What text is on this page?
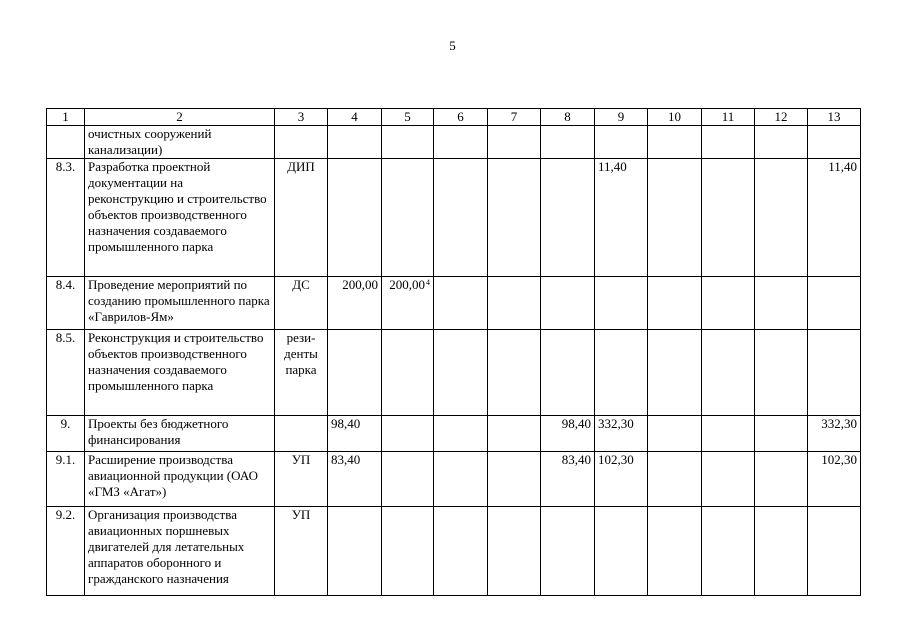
5
1	2	3	4	5	6	7	8	9	10	11	12	13
	очистных сооружений канализации)											
8.3.	Разработка проектной документации на реконструкцию и строительство объектов производственного назначения создаваемого промышленного парка	ДИП						11,40				11,40
8.4.	Проведение мероприятий по созданию промышленного парка «Гаврилов-Ям»	ДС	200,00	200,00$^4$								
8.5.	Реконструкция и строительство объектов производственного назначения создаваемого промышленного парка	рези-денты парка										
9.	Проекты без бюджетного финансирования		98,40				98,40	332,30				332,30
9.1.	Расширение производства авиационной продукции (ОАО «ГМЗ «Агат»)	УП	83,40				83,40	102,30				102,30
9.2.	Организация производства авиационных поршневых двигателей для летательных аппаратов оборонного и гражданского назначения	УП										
